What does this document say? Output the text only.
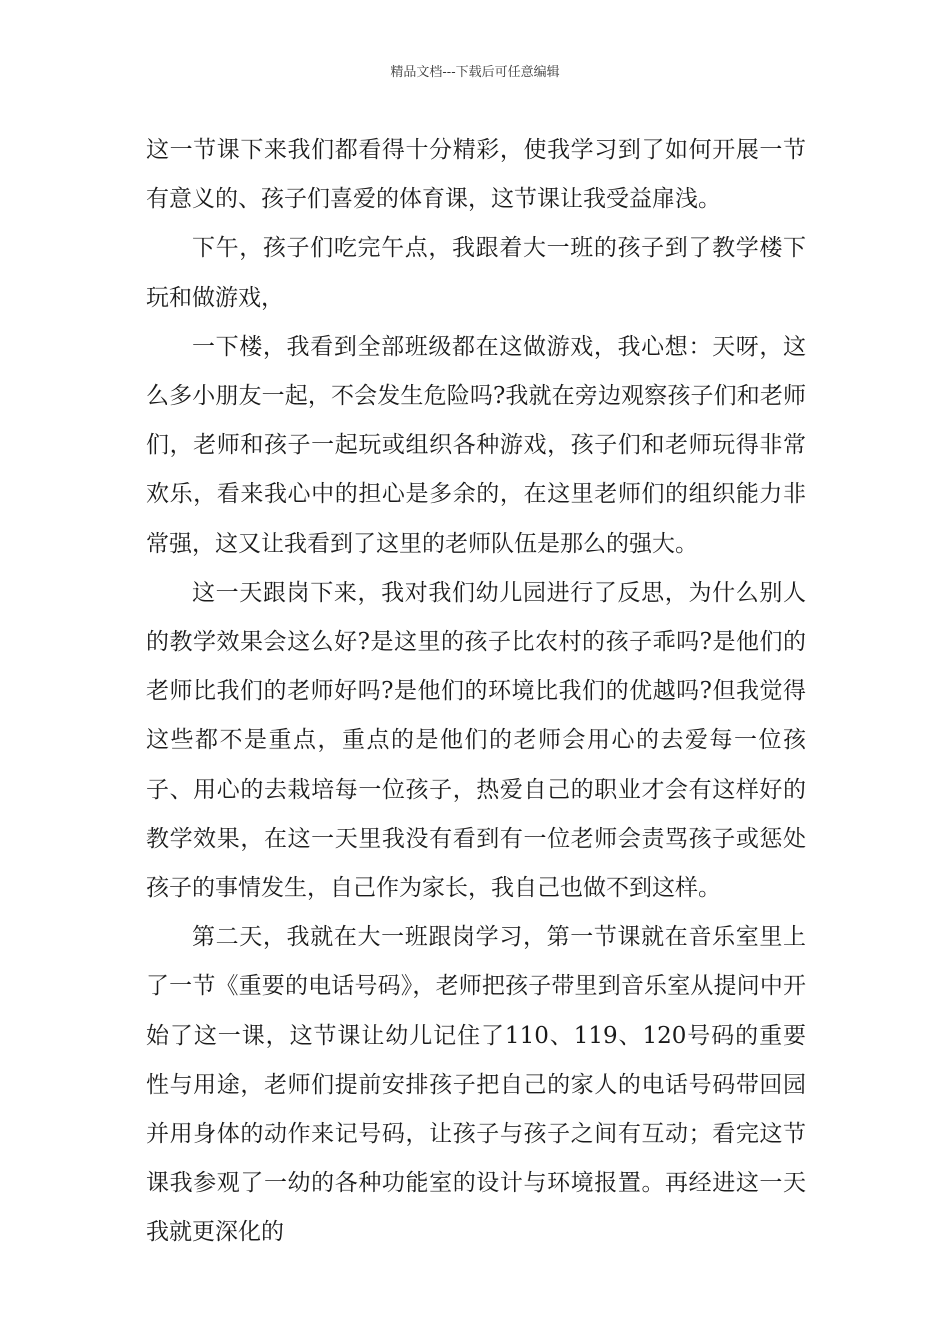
精品文档---下载后可任意编辑

这一节课下来我们都看得十分精彩，使我学习到了如何开展一节有意义的、孩子们喜爱的体育课，这节课让我受益扉浅。

下午，孩子们吃完午点，我跟着大一班的孩子到了教学楼下玩和做游戏，

一下楼，我看到全部班级都在这做游戏，我心想：天呀，这么多小朋友一起，不会发生危险吗?我就在旁边观察孩子们和老师们，老师和孩子一起玩或组织各种游戏，孩子们和老师玩得非常欢乐，看来我心中的担心是多余的，在这里老师们的组织能力非常强，这又让我看到了这里的老师队伍是那么的强大。

这一天跟岗下来，我对我们幼儿园进行了反思，为什么别人的教学效果会这么好?是这里的孩子比农村的孩子乖吗?是他们的老师比我们的老师好吗?是他们的环境比我们的优越吗?但我觉得这些都不是重点，重点的是他们的老师会用心的去爱每一位孩子、用心的去栽培每一位孩子，热爱自己的职业才会有这样好的教学效果，在这一天里我没有看到有一位老师会责骂孩子或惩处孩子的事情发生，自己作为家长，我自己也做不到这样。

第二天，我就在大一班跟岗学习，第一节课就在音乐室里上了一节《重要的电话号码》，老师把孩子带里到音乐室从提问中开始了这一课，这节课让幼儿记住了110、119、120号码的重要性与用途，老师们提前安排孩子把自己的家人的电话号码带回园并用身体的动作来记号码，让孩子与孩子之间有互动；看完这节课我参观了一幼的各种功能室的设计与环境报置。再经进这一天我就更深化的
